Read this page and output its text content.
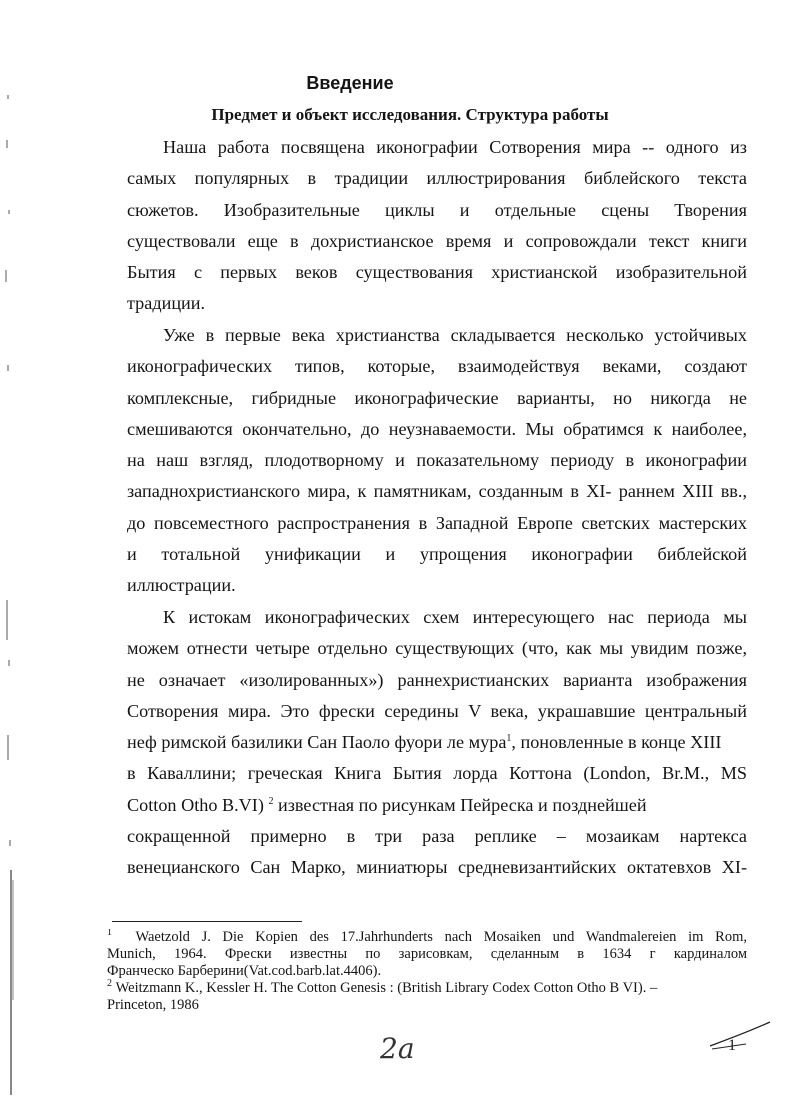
Введение
Предмет и объект исследования. Структура работы
Наша работа посвящена иконографии Сотворения мира -- одного из
самых популярных в традиции иллюстрирования библейского текста
сюжетов. Изобразительные циклы и отдельные сцены Творения
существовали еще в дохристианское время и сопровождали текст книги
Бытия с первых веков существования христианской изобразительной
традиции.
Уже в первые века христианства складывается несколько устойчивых
иконографических типов, которые, взаимодействуя веками, создают
комплексные, гибридные иконографические варианты, но никогда не
смешиваются окончательно, до неузнаваемости. Мы обратимся к наиболее,
на наш взгляд, плодотворному и показательному периоду в иконографии
западнохристианского мира, к памятникам, созданным в XI- раннем XIII вв.,
до повсеместного распространения в Западной Европе светских мастерских
и тотальной унификации и упрощения иконографии библейской
иллюстрации.
К истокам иконографических схем интересующего нас периода мы
можем отнести четыре отдельно существующих (что, как мы увидим позже,
не означает «изолированных») раннехристианских варианта изображения
Сотворения мира. Это фрески середины V века, украшавшие центральный
неф римской базилики Сан Паоло фуори ле мура$^1$, поновленные в конце XIII
в Каваллини; греческая Книга Бытия лорда Коттона (London, Br.M., MS
Cotton Otho B.VI) $^2$ известная по рисункам Пейреска и позднейшей
сокращенной примерно в три раза реплике – мозаикам нартекса
венецианского Сан Марко, миниатюры средневизантийских октатевхов XI-
$^1$ Waetzold J. Die Kopien des 17.Jahrhunderts nach Mosaiken und Wandmalereien im Rom,
Munich, 1964. Фрески известны по зарисовкам, сделанным в 1634 г кардиналом
Франческо Барберини(Vat.cod.barb.lat.4406).
$^2$ Weitzmann K., Kessler H. The Cotton Genesis : (British Library Codex Cotton Otho B VI). –
Princeton, 1986
2а	1
